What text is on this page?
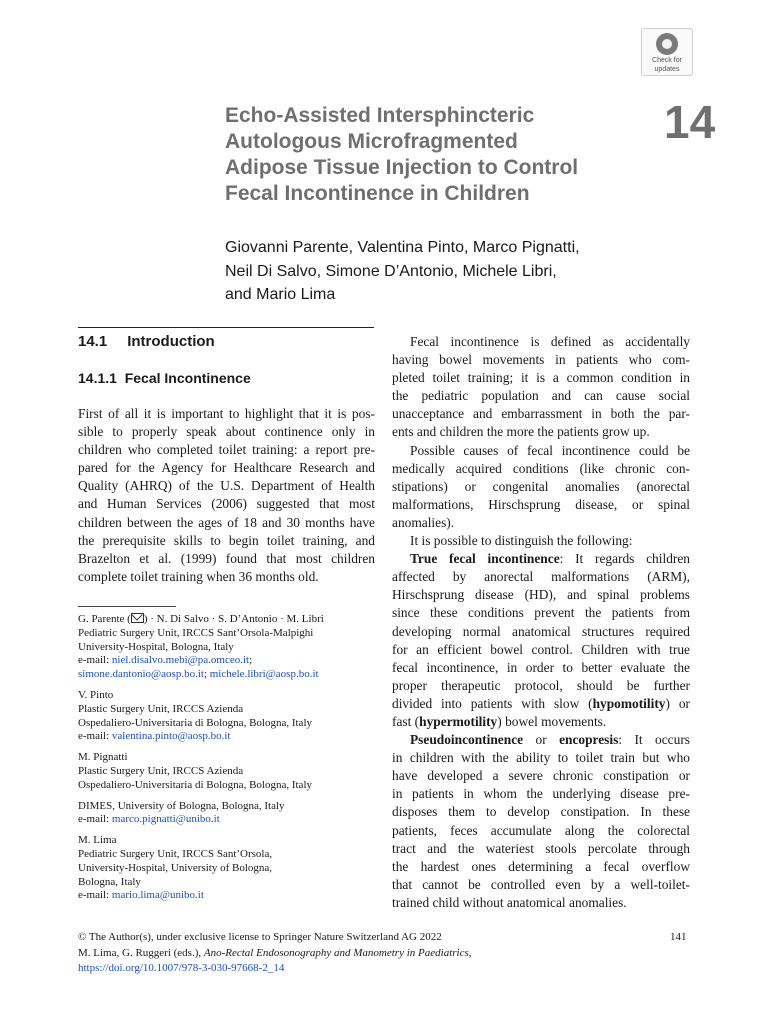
Check for
updates
Echo-Assisted Intersphincteric
Autologous Microfragmented
Adipose Tissue Injection to Control
Fecal Incontinence in Children
14
Giovanni Parente, Valentina Pinto, Marco Pignatti,
Neil Di Salvo, Simone D’Antonio, Michele Libri,
and Mario Lima
14.1 Introduction
14.1.1 Fecal Incontinence
First of all it is important to highlight that it is pos-
sible to properly speak about continence only in
children who completed toilet training: a report pre-
pared for the Agency for Healthcare Research and
Quality (AHRQ) of the U.S. Department of Health
and Human Services (2006) suggested that most
children between the ages of 18 and 30 months have
the prerequisite skills to begin toilet training, and
Brazelton et al. (1999) found that most children
complete toilet training when 36 months old.
G. Parente ( ) · N. Di Salvo · S. D’Antonio · M. Libri
Pediatric Surgery Unit, IRCCS Sant’Orsola-Malpighi
University-Hospital, Bologna, Italy
e-mail: niel.disalvo.mebi@pa.omceo.it;
simone.dantonio@aosp.bo.it; michele.libri@aosp.bo.it
V. Pinto
Plastic Surgery Unit, IRCCS Azienda
Ospedaliero-Universitaria di Bologna, Bologna, Italy
e-mail: valentina.pinto@aosp.bo.it
M. Pignatti
Plastic Surgery Unit, IRCCS Azienda
Ospedaliero-Universitaria di Bologna, Bologna, Italy
DIMES, University of Bologna, Bologna, Italy
e-mail: marco.pignatti@unibo.it
M. Lima
Pediatric Surgery Unit, IRCCS Sant’Orsola,
University-Hospital, University of Bologna,
Bologna, Italy
e-mail: mario.lima@unibo.it
Fecal incontinence is defined as accidentally
having bowel movements in patients who com-
pleted toilet training; it is a common condition in
the pediatric population and can cause social
unacceptance and embarrassment in both the par-
ents and children the more the patients grow up.
Possible causes of fecal incontinence could be
medically acquired conditions (like chronic con-
stipations) or congenital anomalies (anorectal
malformations, Hirschsprung disease, or spinal
anomalies).
It is possible to distinguish the following:
True fecal incontinence: It regards children
affected by anorectal malformations (ARM),
Hirschsprung disease (HD), and spinal problems
since these conditions prevent the patients from
developing normal anatomical structures required
for an efficient bowel control. Children with true
fecal incontinence, in order to better evaluate the
proper therapeutic protocol, should be further
divided into patients with slow (hypomotility) or
fast (hypermotility) bowel movements.
Pseudoincontinence or encopresis: It occurs
in children with the ability to toilet train but who
have developed a severe chronic constipation or
in patients in whom the underlying disease pre-
disposes them to develop constipation. In these
patients, feces accumulate along the colorectal
tract and the wateriest stools percolate through
the hardest ones determining a fecal overflow
that cannot be controlled even by a well-toilet-
trained child without anatomical anomalies.
© The Author(s), under exclusive license to Springer Nature Switzerland AG 2022	141
M. Lima, G. Ruggeri (eds.), Ano-Rectal Endosonography and Manometry in Paediatrics,
https://doi.org/10.1007/978-3-030-97668-2_14
